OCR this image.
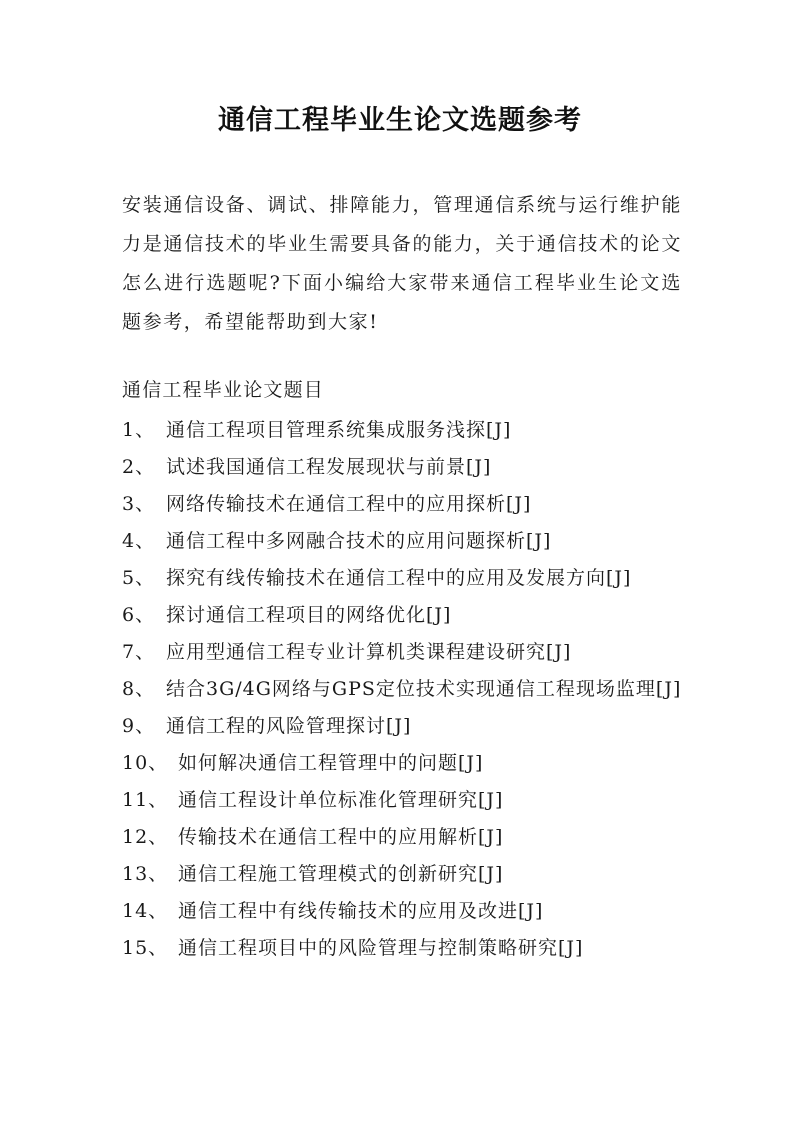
通信工程毕业生论文选题参考

安装通信设备、调试、排障能力，管理通信系统与运行维护能力是通信技术的毕业生需要具备的能力，关于通信技术的论文怎么进行选题呢?下面小编给大家带来通信工程毕业生论文选题参考，希望能帮助到大家!

通信工程毕业论文题目

1、 通信工程项目管理系统集成服务浅探[J]
2、 试述我国通信工程发展现状与前景[J]
3、 网络传输技术在通信工程中的应用探析[J]
4、 通信工程中多网融合技术的应用问题探析[J]
5、 探究有线传输技术在通信工程中的应用及发展方向[J]
6、 探讨通信工程项目的网络优化[J]
7、 应用型通信工程专业计算机类课程建设研究[J]
8、 结合3G/4G网络与GPS定位技术实现通信工程现场监理[J]
9、 通信工程的风险管理探讨[J]
10、 如何解决通信工程管理中的问题[J]
11、 通信工程设计单位标准化管理研究[J]
12、 传输技术在通信工程中的应用解析[J]
13、 通信工程施工管理模式的创新研究[J]
14、 通信工程中有线传输技术的应用及改进[J]
15、 通信工程项目中的风险管理与控制策略研究[J]
